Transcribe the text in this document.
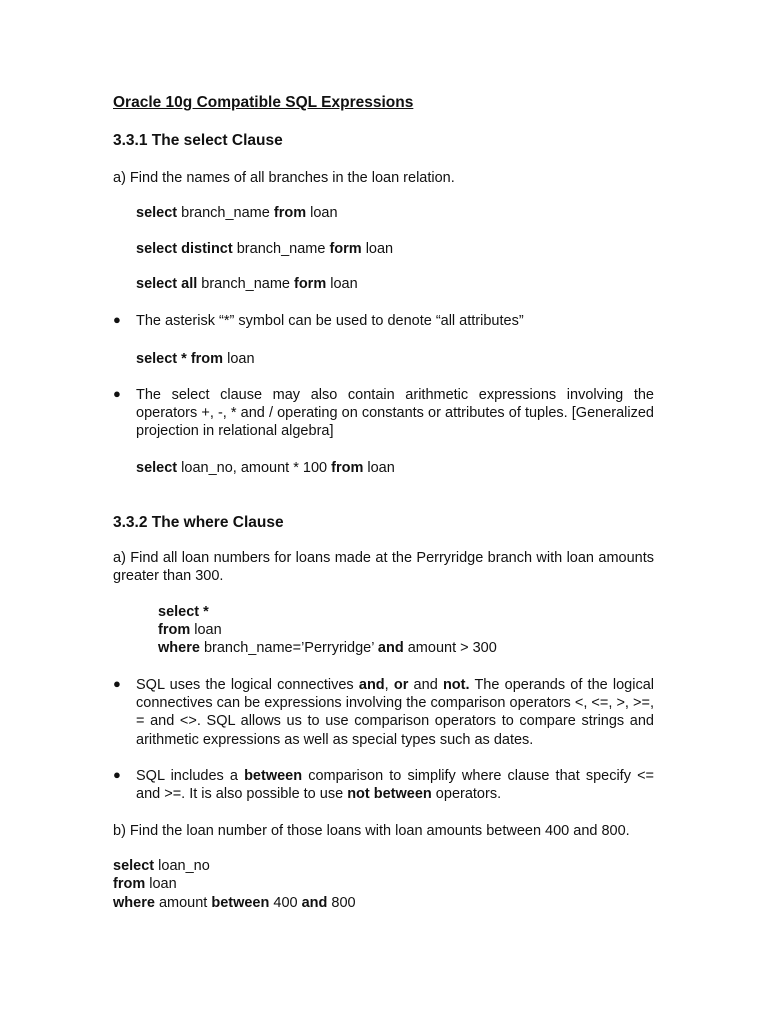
Oracle 10g Compatible SQL Expressions
3.3.1 The select Clause
a) Find the names of all branches in the loan relation.
select branch_name from loan
select distinct branch_name form loan
select all branch_name form loan
● The asterisk “*” symbol can be used to denote “all attributes”
select * from loan
● The select clause may also contain arithmetic expressions involving the operators +, -, * and / operating on constants or attributes of tuples. [Generalized projection in relational algebra]
select loan_no, amount * 100 from loan
3.3.2 The where Clause
a) Find all loan numbers for loans made at the Perryridge branch with loan amounts greater than 300.
select *
from loan
where branch_name=’Perryridge’ and amount > 300
● SQL uses the logical connectives and, or and not. The operands of the logical connectives can be expressions involving the comparison operators <, <=, >, >=, = and <>. SQL allows us to use comparison operators to compare strings and arithmetic expressions as well as special types such as dates.
● SQL includes a between comparison to simplify where clause that specify <= and >=. It is also possible to use not between operators.
b) Find the loan number of those loans with loan amounts between 400 and 800.
select loan_no
from loan
where amount between 400 and 800
